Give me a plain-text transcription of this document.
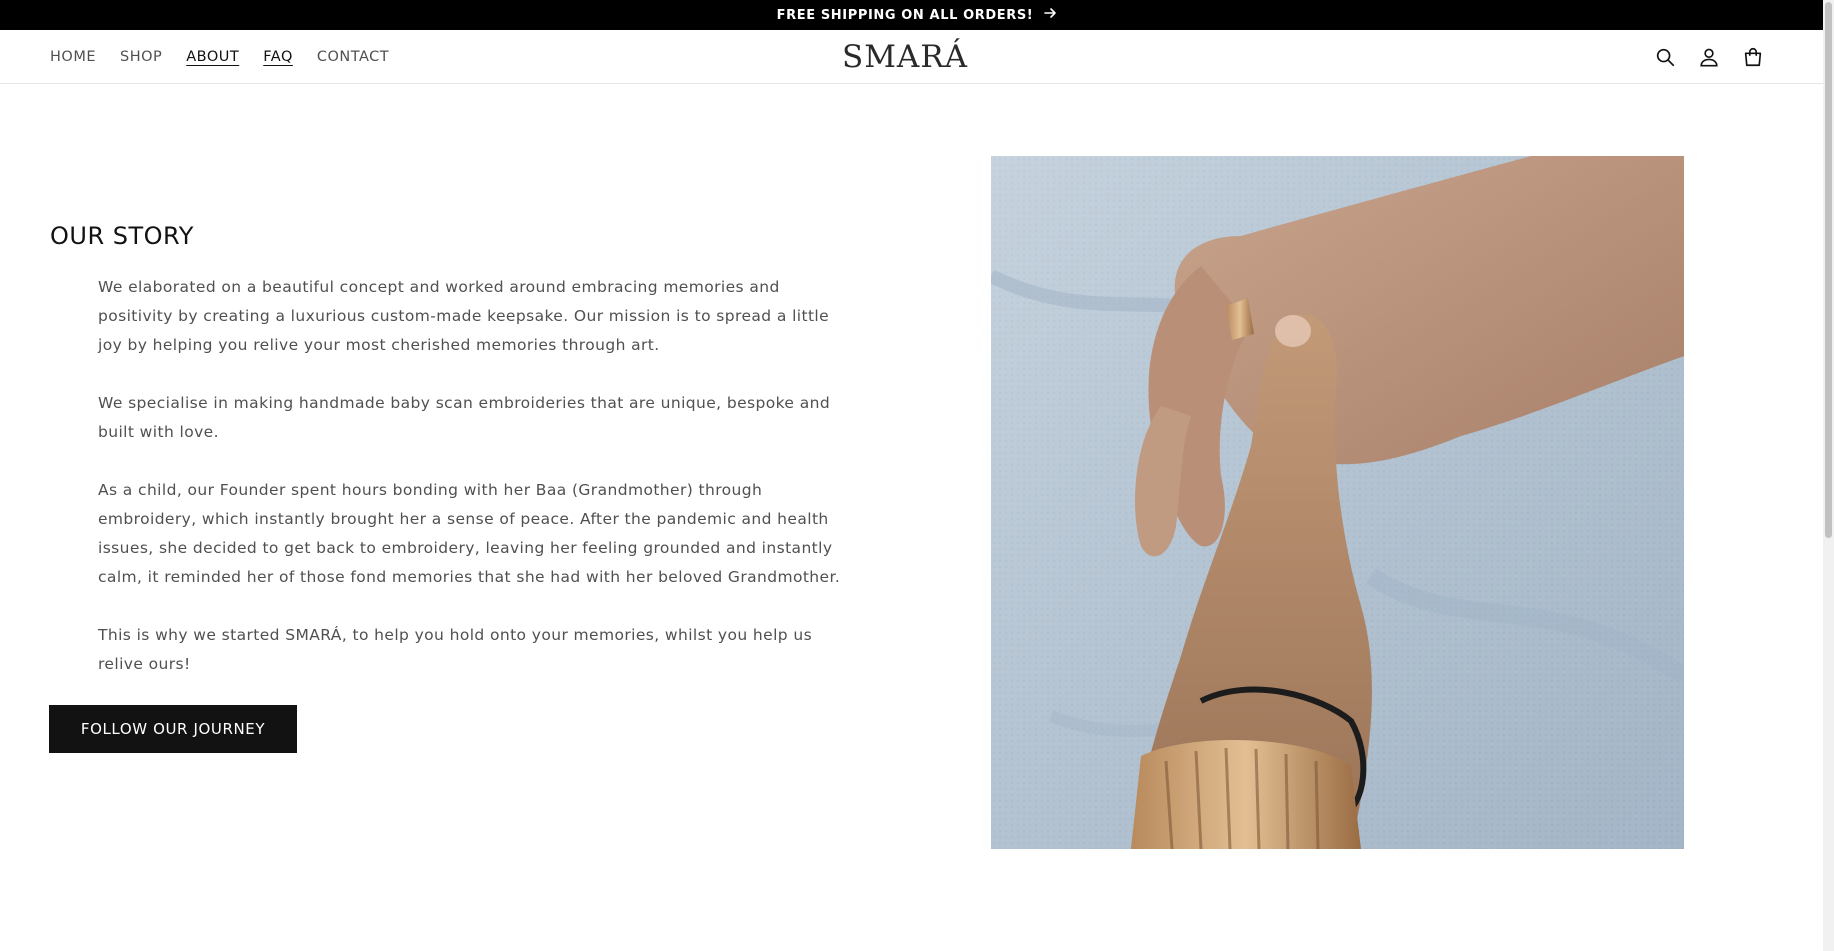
FREE SHIPPING ON ALL ORDERS!
HOME	SHOP	ABOUT	FAQ	CONTACT	SMARÁ
OUR STORY

We elaborated on a beautiful concept and worked around embracing memories and positivity by creating a luxurious custom-made keepsake. Our mission is to spread a little joy by helping you relive your most cherished memories through art.

We specialise in making handmade baby scan embroideries that are unique, bespoke and built with love.

As a child, our Founder spent hours bonding with her Baa (Grandmother) through embroidery, which instantly brought her a sense of peace. After the pandemic and health issues, she decided to get back to embroidery, leaving her feeling grounded and instantly calm, it reminded her of those fond memories that she had with her beloved Grandmother.

This is why we started SMARÁ, to help you hold onto your memories, whilst you help us relive ours!

FOLLOW OUR JOURNEY
